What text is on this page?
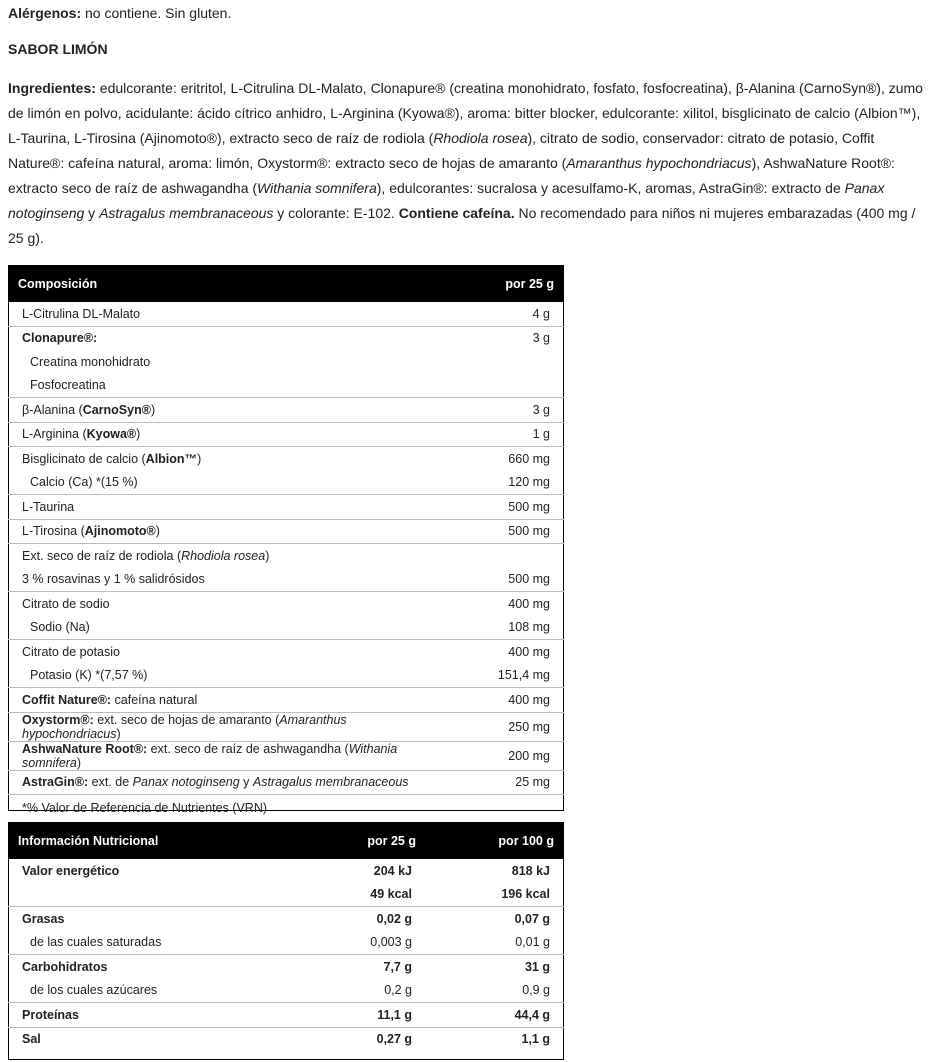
Alérgenos: no contiene. Sin gluten.

SABOR LIMÓN

Ingredientes: edulcorante: eritritol, L-Citrulina DL-Malato, Clonapure® (creatina monohidrato, fosfato, fosfocreatina), β-Alanina (CarnoSyn®), zumo de limón en polvo, acidulante: ácido cítrico anhidro, L-Arginina (Kyowa®), aroma: bitter blocker, edulcorante: xilitol, bisglicinato de calcio (Albion™), L-Taurina, L-Tirosina (Ajinomoto®), extracto seco de raíz de rodiola (Rhodiola rosea), citrato de sodio, conservador: citrato de potasio, Coffit Nature®: cafeína natural, aroma: limón, Oxystorm®: extracto seco de hojas de amaranto (Amaranthus hypochondriacus), AshwaNature Root®: extracto seco de raíz de ashwagandha (Withania somnifera), edulcorantes: sucralosa y acesulfamo-K, aromas, AstraGin®: extracto de Panax notoginseng y Astragalus membranaceous y colorante: E-102. Contiene cafeína. No recomendado para niños ni mujeres embarazadas (400 mg / 25 g).

Composición	por 25 g
L-Citrulina DL-Malato	4 g
Clonapure®:	3 g
Creatina monohidrato	
Fosfocreatina	
β-Alanina (CarnoSyn®)	3 g
L-Arginina (Kyowa®)	1 g
Bisglicinato de calcio (Albion™)	660 mg
Calcio (Ca) *(15 %)	120 mg
L-Taurina	500 mg
L-Tirosina (Ajinomoto®)	500 mg
Ext. seco de raíz de rodiola (Rhodiola rosea)	
3 % rosavinas y 1 % salidrósidos	500 mg
Citrato de sodio	400 mg
Sodio (Na)	108 mg
Citrato de potasio	400 mg
Potasio (K) *(7,57 %)	151,4 mg
Coffit Nature®: cafeína natural	400 mg
Oxystorm®: ext. seco de hojas de amaranto (Amaranthus hypochondriacus)	250 mg
AshwaNature Root®: ext. seco de raíz de ashwagandha (Withania somnifera)	200 mg
AstraGin®: ext. de Panax notoginseng y Astragalus membranaceous	25 mg
*% Valor de Referencia de Nutrientes (VRN)	
Información Nutricional	por 25 g	por 100 g
Valor energético	204 kJ	818 kJ
	49 kcal	196 kcal
Grasas	0,02 g	0,07 g
de las cuales saturadas	0,003 g	0,01 g
Carbohidratos	7,7 g	31 g
de los cuales azúcares	0,2 g	0,9 g
Proteínas	11,1 g	44,4 g
Sal	0,27 g	1,1 g
